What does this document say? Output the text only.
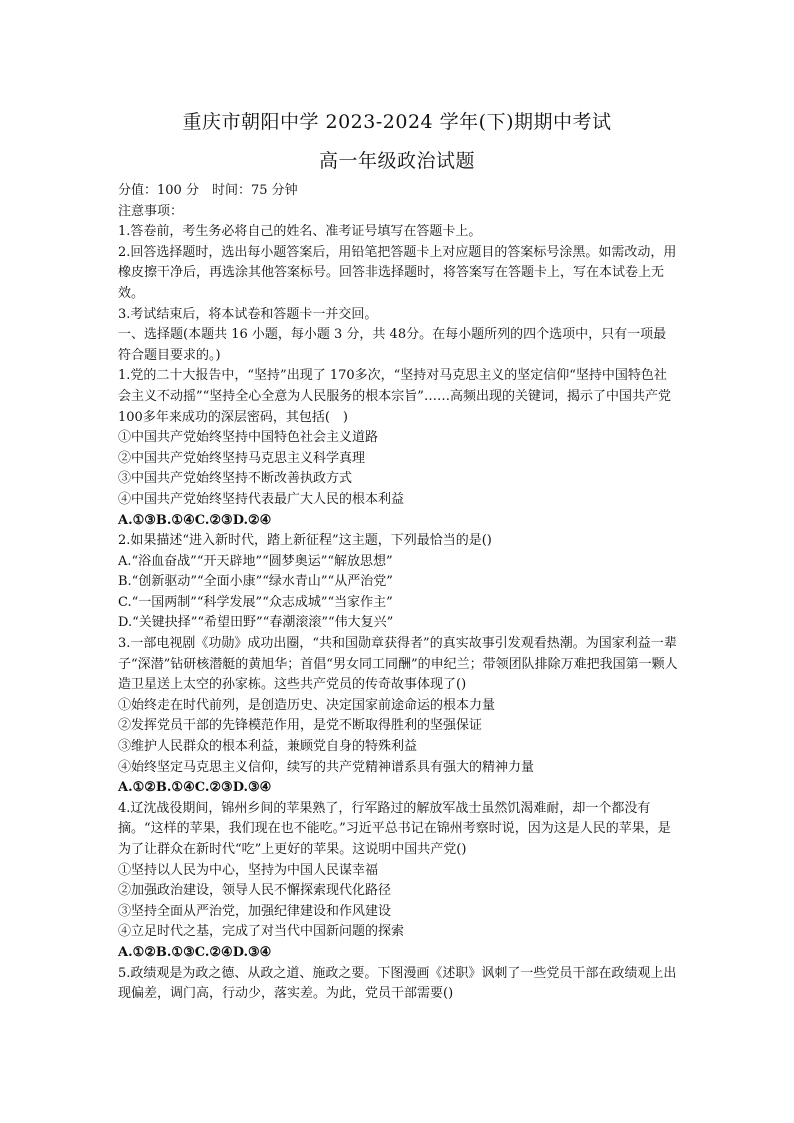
重庆市朝阳中学 2023-2024 学年(下)期期中考试
高一年级政治试题

分值：100 分　时间：75 分钟

注意事项：

1.答卷前，考生务必将自己的姓名、准考证号填写在答题卡上。

2.回答选择题时，选出每小题答案后，用铅笔把答题卡上对应题目的答案标号涂黑。如需改动，用橡皮擦干净后，再选涂其他答案标号。回答非选择题时，将答案写在答题卡上，写在本试卷上无效。

3.考试结束后，将本试卷和答题卡一并交回。

一、选择题(本题共 16 小题，每小题 3 分，共 48分。在每小题所列的四个选项中，只有一项最符合题目要求的。)

1.党的二十大报告中，“坚持”出现了 170多次，“坚持对马克思主义的坚定信仰“坚持中国特色社会主义不动摇”“坚持全心全意为人民服务的根本宗旨”……高频出现的关键词，揭示了中国共产党 100多年来成功的深层密码，其包括(　)

①中国共产党始终坚持中国特色社会主义道路

②中国共产党始终坚持马克思主义科学真理

③中国共产党始终坚持不断改善执政方式

④中国共产党始终坚持代表最广大人民的根本利益

A.①③B.①④C.②③D.②④

2.如果描述“进入新时代，踏上新征程”这主题，下列最恰当的是()

A.“浴血奋战”“开天辟地”“圆梦奥运”“解放思想”

B.“创新驱动”“全面小康”“绿水青山”“从严治党”

C.“一国两制”“科学发展”“众志成城”“当家作主”

D.“关键抉择”“希望田野”“春潮滚滚”“伟大复兴”

3.一部电视剧《功勋》成功出圈，“共和国勋章获得者”的真实故事引发观看热潮。为国家利益一辈子“深潜”钻研核潜艇的黄旭华；首倡“男女同工同酬”的申纪兰；带领团队排除万难把我国第一颗人造卫星送上太空的孙家栋。这些共产党员的传奇故事体现了()

①始终走在时代前列，是创造历史、决定国家前途命运的根本力量

②发挥党员干部的先锋模范作用，是党不断取得胜利的坚强保证

③维护人民群众的根本利益，兼顾党自身的特殊利益

④始终坚定马克思主义信仰，续写的共产党精神谱系具有强大的精神力量

A.①②B.①④C.②③D.③④

4.辽沈战役期间，锦州乡间的苹果熟了，行军路过的解放军战士虽然饥渴难耐，却一个都没有摘。“这样的苹果，我们现在也不能吃。”习近平总书记在锦州考察时说，因为这是人民的苹果，是为了让群众在新时代“吃”上更好的苹果。这说明中国共产党()

①坚持以人民为中心，坚持为中国人民谋幸福

②加强政治建设，领导人民不懈探索现代化路径

③坚持全面从严治党，加强纪律建设和作风建设

④立足时代之基，完成了对当代中国新问题的探索

A.①②B.①③C.②④D.③④

5.政绩观是为政之德、从政之道、施政之要。下图漫画《述职》讽刺了一些党员干部在政绩观上出现偏差，调门高，行动少，落实差。为此，党员干部需要()
